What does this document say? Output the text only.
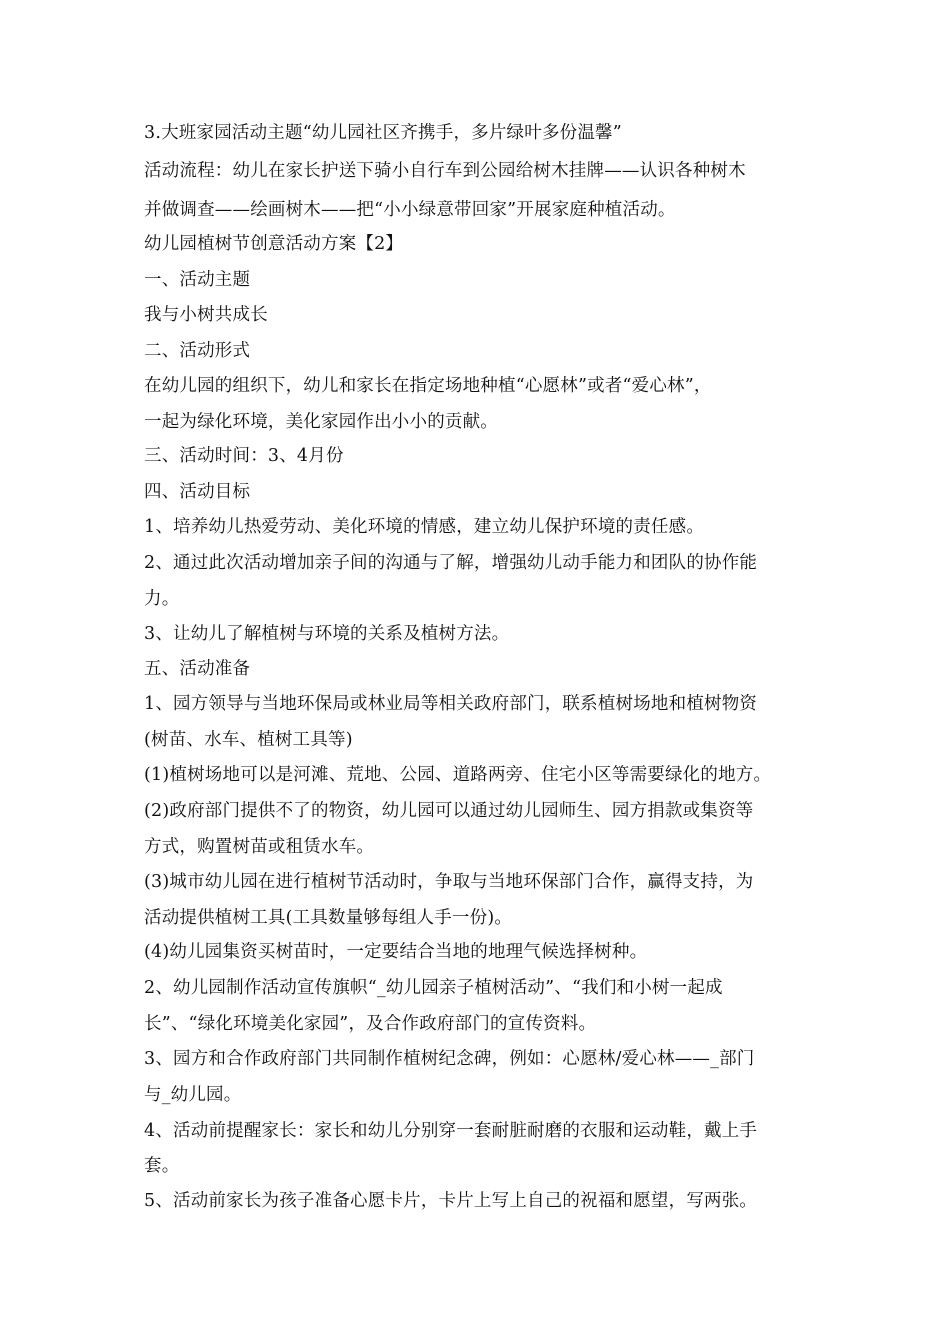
3.大班家园活动主题“幼儿园社区齐携手，多片绿叶多份温馨”
活动流程：幼儿在家长护送下骑小自行车到公园给树木挂牌——认识各种树木
并做调查——绘画树木——把“小小绿意带回家”开展家庭种植活动。
幼儿园植树节创意活动方案【2】
一、活动主题
我与小树共成长
二、活动形式
在幼儿园的组织下，幼儿和家长在指定场地种植“心愿林”或者“爱心林”，
一起为绿化环境，美化家园作出小小的贡献。
三、活动时间：3、4月份
四、活动目标
1、培养幼儿热爱劳动、美化环境的情感，建立幼儿保护环境的责任感。
2、通过此次活动增加亲子间的沟通与了解，增强幼儿动手能力和团队的协作能
力。
3、让幼儿了解植树与环境的关系及植树方法。
五、活动准备
1、园方领导与当地环保局或林业局等相关政府部门，联系植树场地和植树物资
(树苗、水车、植树工具等)
(1)植树场地可以是河滩、荒地、公园、道路两旁、住宅小区等需要绿化的地方。
(2)政府部门提供不了的物资，幼儿园可以通过幼儿园师生、园方捐款或集资等
方式，购置树苗或租赁水车。
(3)城市幼儿园在进行植树节活动时，争取与当地环保部门合作，赢得支持，为
活动提供植树工具(工具数量够每组人手一份)。
(4)幼儿园集资买树苗时，一定要结合当地的地理气候选择树种。
2、幼儿园制作活动宣传旗帜“_幼儿园亲子植树活动”、“我们和小树一起成
长”、“绿化环境美化家园”，及合作政府部门的宣传资料。
3、园方和合作政府部门共同制作植树纪念碑，例如：心愿林/爱心林——_部门
与_幼儿园。
4、活动前提醒家长：家长和幼儿分别穿一套耐脏耐磨的衣服和运动鞋，戴上手
套。
5、活动前家长为孩子准备心愿卡片，卡片上写上自己的祝福和愿望，写两张。
